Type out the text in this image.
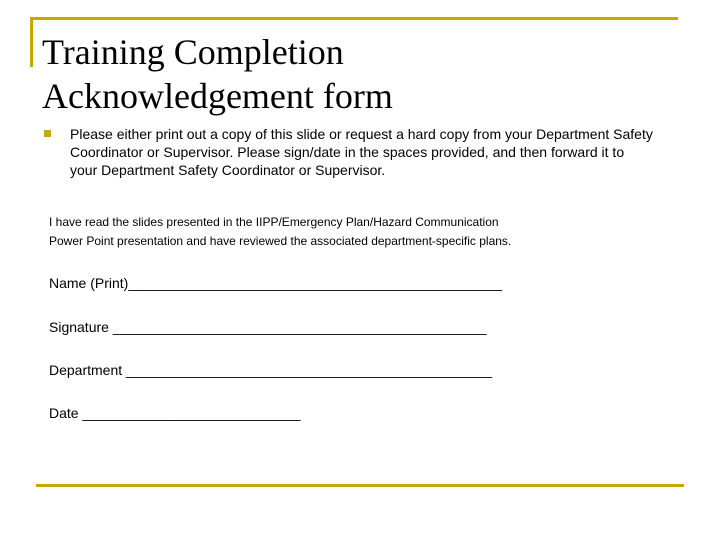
Training Completion
Acknowledgement form
Please either print out a copy of this slide or request a hard copy from your Department Safety Coordinator or Supervisor. Please sign/date in the spaces provided, and then forward it to your Department Safety Coordinator or Supervisor.
I have read the slides presented in the IIPP/Emergency Plan/Hazard Communication
Power Point presentation and have reviewed the associated department-specific plans.
Name (Print)________________________________________________
Signature ________________________________________________
Department _______________________________________________
Date ____________________________
